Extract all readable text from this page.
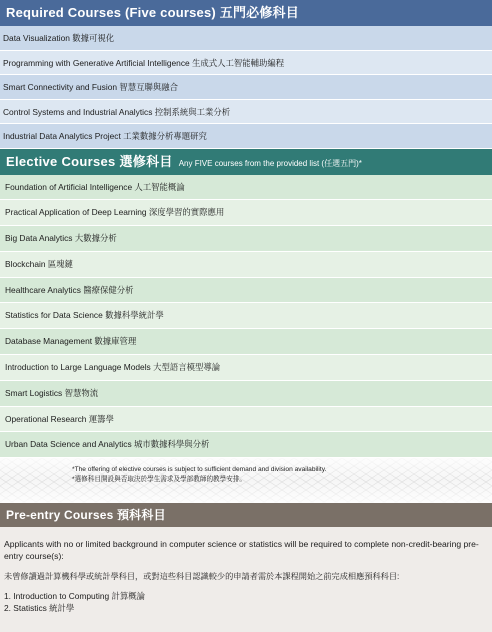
Required Courses (Five courses) 五門必修科目
Data Visualization 數據可視化
Programming with Generative Artificial Intelligence 生成式人工智能輔助編程
Smart Connectivity and Fusion 智慧互聯與融合
Control Systems and Industrial Analytics 控制系統與工業分析
Industrial Data Analytics Project 工業數據分析專題研究
Elective Courses 選修科目 Any FIVE courses from the provided list (任選五門)*
Foundation of Artificial Intelligence 人工智能概論
Practical Application of Deep Learning 深度學習的實際應用
Big Data Analytics 大數據分析
Blockchain 區塊鏈
Healthcare Analytics 醫療保健分析
Statistics for Data Science 數據科學統計學
Database Management 數據庫管理
Introduction to Large Language Models 大型語言模型導論
Smart Logistics 智慧物流
Operational Research 運籌學
Urban Data Science and Analytics 城市數據科學與分析
*The offering of elective courses is subject to sufficient demand and division availability.
*選修科目開設與否取決於學生需求及學部教師的教學安排。
Pre-entry Courses 預科科目
Applicants with no or limited background in computer science or statistics will be required to complete non-credit-bearing pre-entry course(s):
未曾修讀過計算機科學或統計學科目，或對這些科目認識較少的申請者需於本課程開始之前完成相應預科科目:
1. Introduction to Computing 計算概論
2. Statistics 統計學
